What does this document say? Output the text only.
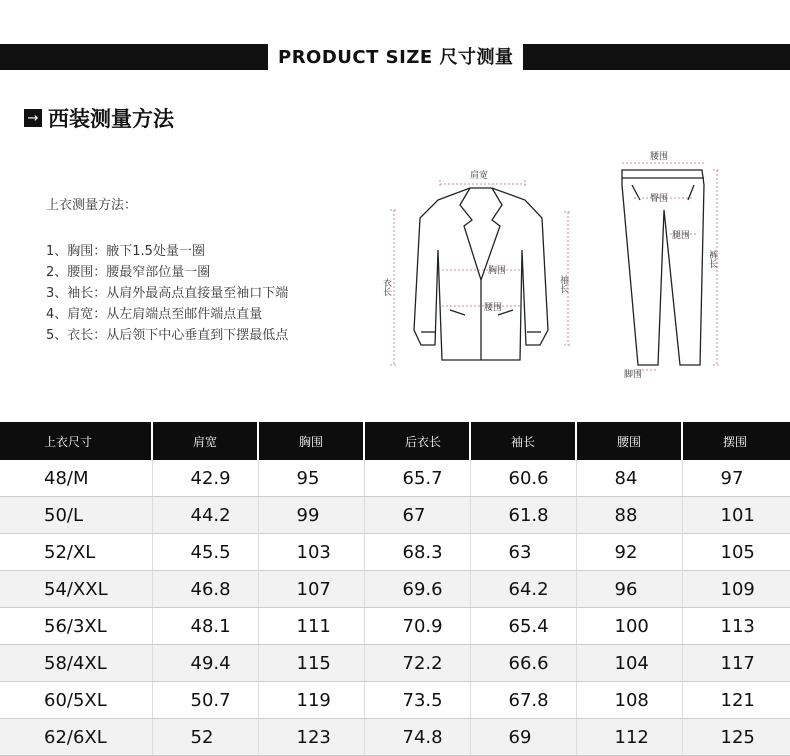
PRODUCT SIZE 尺寸测量
→ 西装测量方法
上衣测量方法：
1、胸围：腋下1.5处量一圈
2、腰围：腰最窄部位量一圈
3、袖长：从肩外最高点直接量至袖口下端
4、肩宽：从左肩端点至邮件端点直量
5、衣长：从后领下中心垂直到下摆最低点
肩宽
胸围
腰围
衣长	袖长
腰围
臀围
腿围
脚围
裤长
上衣尺寸	肩宽	胸围	后衣长	袖长	腰围	摆围
48/M	42.9	95	65.7	60.6	84	97
50/L	44.2	99	67	61.8	88	101
52/XL	45.5	103	68.3	63	92	105
54/XXL	46.8	107	69.6	64.2	96	109
56/3XL	48.1	111	70.9	65.4	100	113
58/4XL	49.4	115	72.2	66.6	104	117
60/5XL	50.7	119	73.5	67.8	108	121
62/6XL	52	123	74.8	69	112	125
